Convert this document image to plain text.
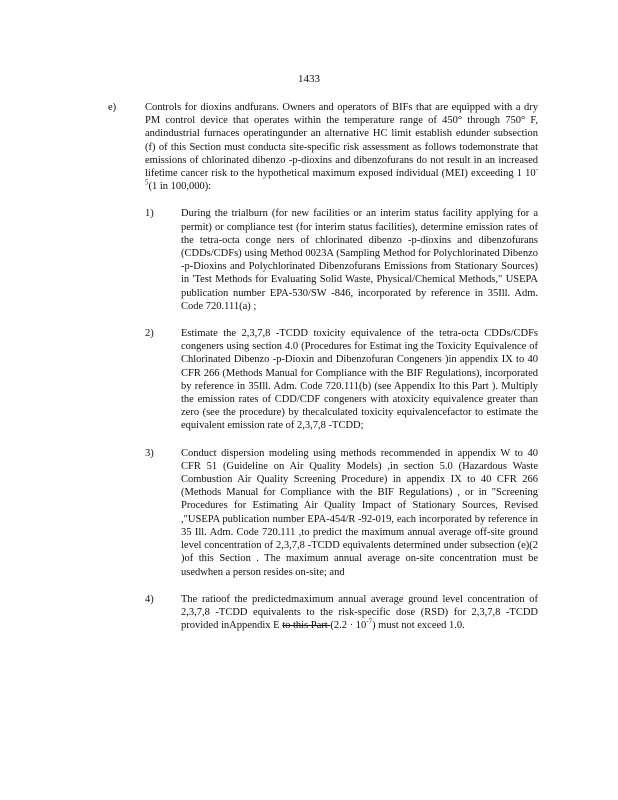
1433
e)	Controls for dioxins andfurans. Owners and operators of BIFs that are equipped with a dry PM control device that operates within the temperature range of 450° through 750° F, andindustrial furnaces operatingunder an alternative HC limit establish edunder subsection (f) of this Section must conducta site-specific risk assessment as follows todemonstrate that emissions of chlorinated dibenzo -p-dioxins and dibenzofurans do not result in an increased lifetime cancer risk to the hypothetical maximum exposed individual (MEI) exceeding 1 $10^{-5}(1$ in 100,000):
1)	During the trialburn (for new facilities or an interim status facility applying for a permit) or compliance test (for interim status facilities), determine emission rates of the tetra-octa conge ners of chlorinated dibenzo -p-dioxins and dibenzofurans (CDDs/CDFs) using Method 0023A (Sampling Method for Polychlorinated Dibenzo -p-Dioxins and Polychlorinated Dibenzofurans Emissions from Stationary Sources) in 'Test Methods for Evaluating Solid Waste, Physical/Chemical Methods," USEPA publication number EPA-530/SW -846, incorporated by reference in 35Ill. Adm. Code 720.111(a) ;
2)	Estimate the 2,3,7,8 -TCDD toxicity equivalence of the tetra-octa CDDs/CDFs congeners using section 4.0 (Procedures for Estimat ing the Toxicity Equivalence of Chlorinated Dibenzo -p-Dioxin and Dibenzofuran Congeners )in appendix IX to 40 CFR 266 (Methods Manual for Compliance with the BIF Regulations), incorporated by reference in 35Ill. Adm. Code 720.111(b) (see Appendix Ito this Part ). Multiply the emission rates of CDD/CDF congeners with atoxicity equivalence greater than zero (see the procedure) by thecalculated toxicity equivalencefactor to estimate the equivalent emission rate of 2,3,7,8 -TCDD;
3)	Conduct dispersion modeling using methods recommended in appendix W to 40 CFR 51 (Guideline on Air Quality Models) ,in section 5.0 (Hazardous Waste Combustion Air Quality Screening Procedure) in appendix IX to 40 CFR 266 (Methods Manual for Compliance with the BIF Regulations) , or in "Screening Procedures for Estimating Air Quality Impact of Stationary Sources, Revised ,"USEPA publication number EPA-454/R -92-019, each incorporated by reference in 35 Ill. Adm. Code 720.111 ,to predict the maximum annual average off-site ground level concentration of 2,3,7,8 -TCDD equivalents determined under subsection (e)(2 )of this Section . The maximum annual average on-site concentration must be usedwhen a person resides on-site; and
4)	The ratioof the predictedmaximum annual average ground level concentration of 2,3,7,8 -TCDD equivalents to the risk-specific dose (RSD) for 2,3,7,8 -TCDD provided inAppendix E to this Part $(2.2 \cdot 10^{-7})$ must not exceed 1.0.
